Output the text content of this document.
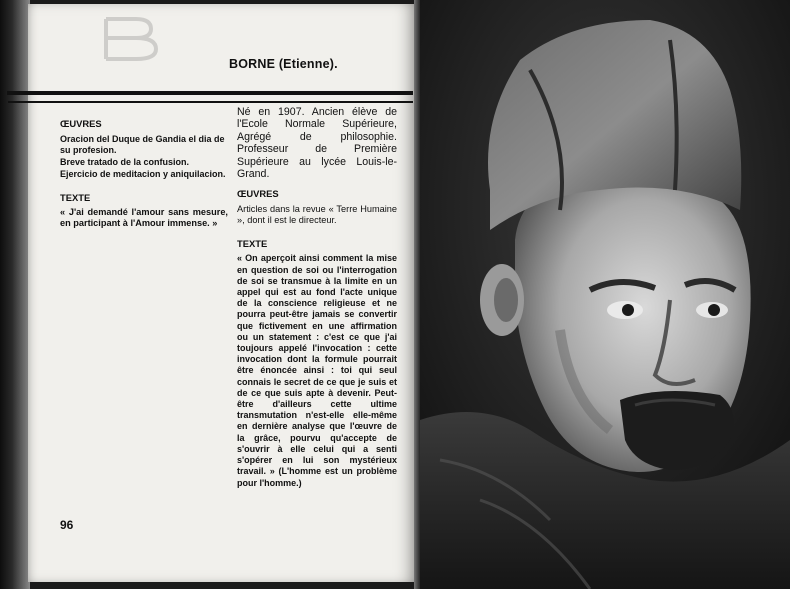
BORNE (Etienne).
ŒUVRES
Oracion del Duque de Gandia el dia de su profesion.
Breve tratado de la confusion.
Ejercicio de meditacion y aniquilacion.
TEXTE
« J'ai demandé l'amour sans mesure, en participant à l'Amour immense. »
Né en 1907. Ancien élève de l'Ecole Normale Supérieure, Agrégé de philosophie. Professeur de Première Supérieure au lycée Louis-le-Grand.
ŒUVRES
Articles dans la revue « Terre Humaine », dont il est le directeur.
TEXTE
« On aperçoit ainsi comment la mise en question de soi ou l'interrogation de soi se transmue à la limite en un appel qui est au fond l'acte unique de la conscience religieuse et ne pourra peut-être jamais se convertir que fictivement en une affirmation ou un statement : c'est ce que j'ai toujours appelé l'invocation : cette invocation dont la formule pourrait être énoncée ainsi : toi qui seul connais le secret de ce que je suis et de ce que suis apte à devenir. Peut-être d'ailleurs cette ultime transmutation n'est-elle elle-même en dernière analyse que l'œuvre de la grâce, pourvu qu'accepte de s'ouvrir à elle celui qui a senti s'opérer en lui son mystérieux travail. » (L'homme est un problème pour l'homme.)
96
